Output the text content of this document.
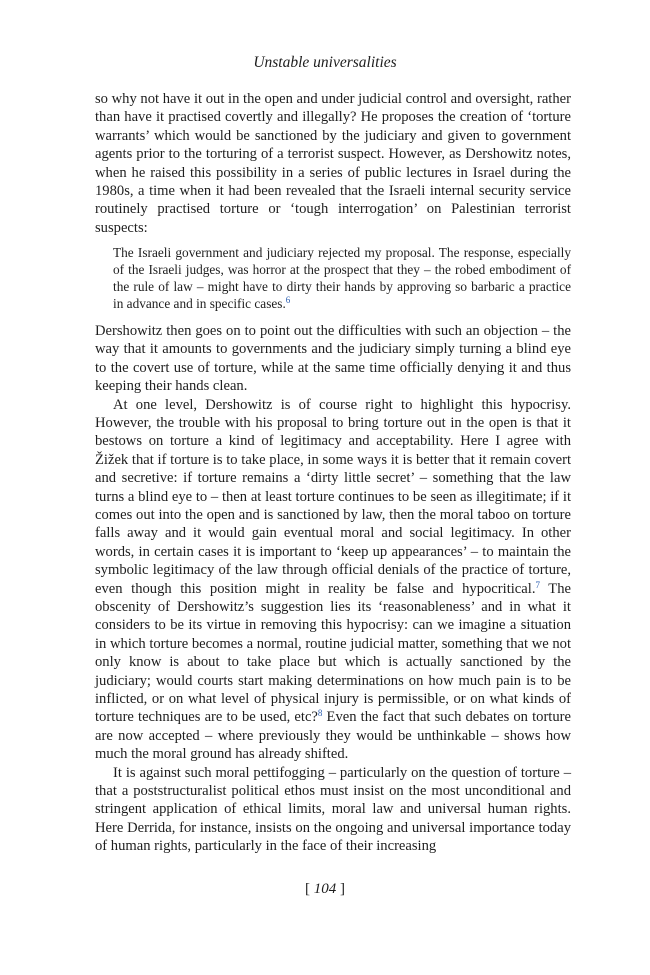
Unstable universalities

so why not have it out in the open and under judicial control and oversight, rather than have it practised covertly and illegally? He proposes the creation of ‘torture warrants’ which would be sanctioned by the judiciary and given to government agents prior to the torturing of a terrorist suspect. However, as Dershowitz notes, when he raised this possibility in a series of public lectures in Israel during the 1980s, a time when it had been revealed that the Israeli internal security service routinely practised torture or ‘tough interrogation’ on Palestinian terrorist suspects:

The Israeli government and judiciary rejected my proposal. The response, especially of the Israeli judges, was horror at the prospect that they – the robed embodiment of the rule of law – might have to dirty their hands by approving so barbaric a practice in advance and in specific cases.$^6$

Dershowitz then goes on to point out the difficulties with such an objection – the way that it amounts to governments and the judiciary simply turning a blind eye to the covert use of torture, while at the same time officially denying it and thus keeping their hands clean.

At one level, Dershowitz is of course right to highlight this hypocrisy. However, the trouble with his proposal to bring torture out in the open is that it bestows on torture a kind of legitimacy and acceptability. Here I agree with Žižek that if torture is to take place, in some ways it is better that it remain covert and secretive: if torture remains a ‘dirty little secret’ – something that the law turns a blind eye to – then at least torture continues to be seen as illegitimate; if it comes out into the open and is sanctioned by law, then the moral taboo on torture falls away and it would gain eventual moral and social legitimacy. In other words, in certain cases it is important to ‘keep up appearances’ – to maintain the symbolic legitimacy of the law through official denials of the practice of torture, even though this position might in reality be false and hypocritical.$^7$ The obscenity of Dershowitz’s suggestion lies its ‘reasonableness’ and in what it considers to be its virtue in removing this hypocrisy: can we imagine a situation in which torture becomes a normal, routine judicial matter, something that we not only know is about to take place but which is actually sanctioned by the judiciary; would courts start making determinations on how much pain is to be inflicted, or on what level of physical injury is permissible, or on what kinds of torture techniques are to be used, etc?$^8$ Even the fact that such debates on torture are now accepted – where previously they would be unthinkable – shows how much the moral ground has already shifted.

It is against such moral pettifogging – particularly on the question of torture – that a poststructuralist political ethos must insist on the most unconditional and stringent application of ethical limits, moral law and universal human rights. Here Derrida, for instance, insists on the ongoing and universal importance today of human rights, particularly in the face of their increasing

[ 104 ]
